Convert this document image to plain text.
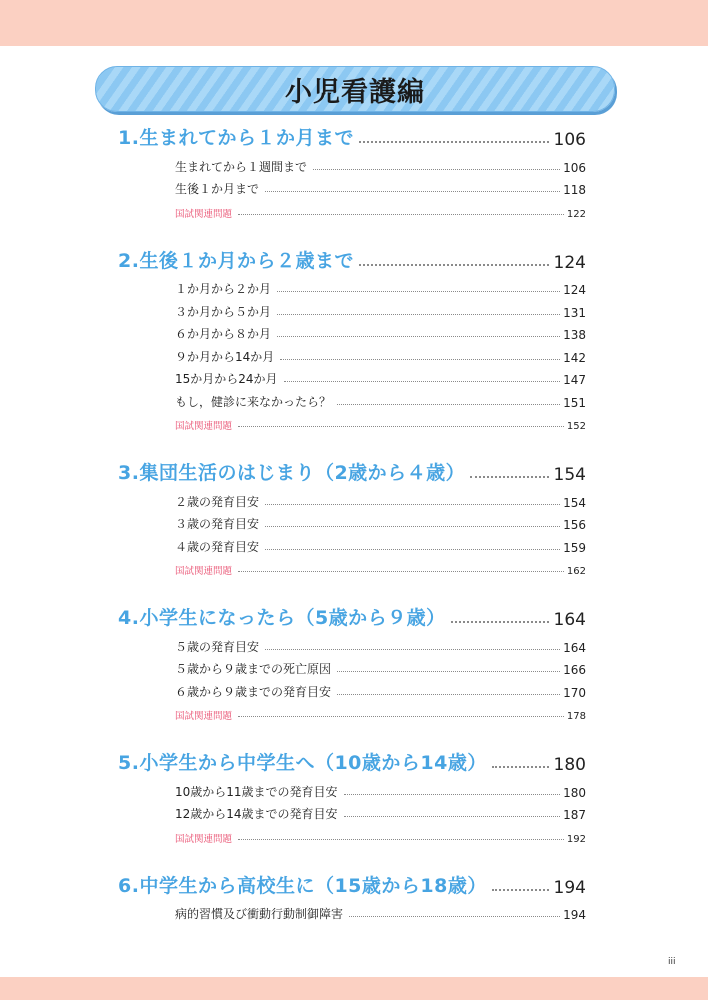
小児看護編
1.生まれてから１か月まで	106
生まれてから１週間まで	106
生後１か月まで	118
国試関連問題	122
2.生後１か月から２歳まで	124
１か月から２か月	124
３か月から５か月	131
６か月から８か月	138
９か月から14か月	142
15か月から24か月	147
もし，健診に来なかったら？	151
国試関連問題	152
3.集団生活のはじまり（2歳から４歳）	154
２歳の発育目安	154
３歳の発育目安	156
４歳の発育目安	159
国試関連問題	162
4.小学生になったら（5歳から９歳）	164
５歳の発育目安	164
５歳から９歳までの死亡原因	166
６歳から９歳までの発育目安	170
国試関連問題	178
5.小学生から中学生へ（10歳から14歳）	180
10歳から11歳までの発育目安	180
12歳から14歳までの発育目安	187
国試関連問題	192
6.中学生から高校生に（15歳から18歳）	194
病的習慣及び衝動行動制御障害	194
iii
